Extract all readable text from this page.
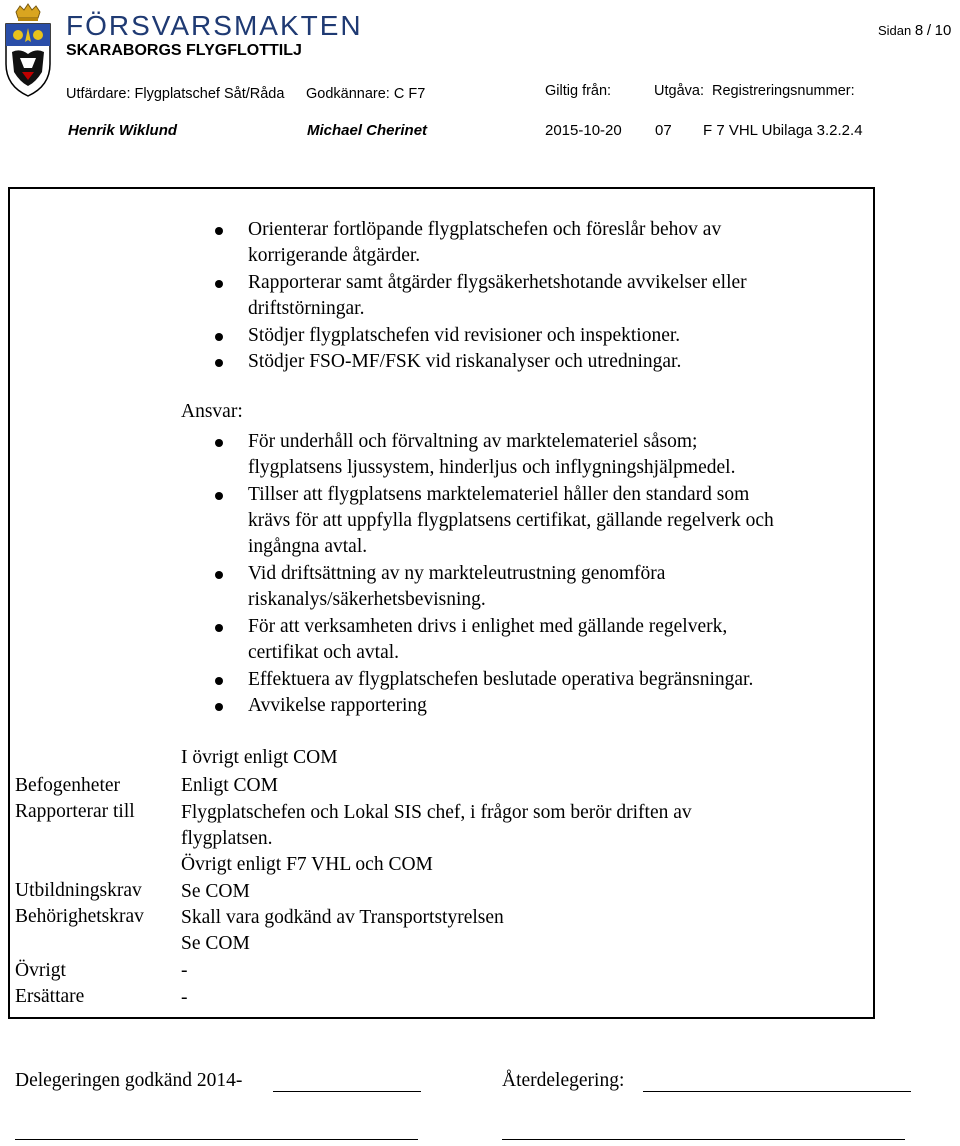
FÖRSVARSMAKTEN
SKARABORGS FLYGFLOTTILJ
Sidan 8 / 10
Utfärdare: Flygplatschef Såt/Råda Godkännare: C F7	Giltig från:	Utgåva: Registreringsnummer:
Henrik Wiklund	Michael Cherinet	2015-10-20 07 F 7 VHL Ubilaga 3.2.2.4
Orienterar fortlöpande flygplatschefen och föreslår behov av
korrigerande åtgärder.
Rapporterar samt åtgärder flygsäkerhetshotande avvikelser eller
driftstörningar.
Stödjer flygplatschefen vid revisioner och inspektioner.
Stödjer FSO-MF/FSK vid riskanalyser och utredningar.
Ansvar:
För underhåll och förvaltning av marktelemateriel såsom;
flygplatsens ljussystem, hinderljus och inflygningshjälpmedel.
Tillser att flygplatsens marktelemateriel håller den standard som
krävs för att uppfylla flygplatsens certifikat, gällande regelverk och
ingångna avtal.
Vid driftsättning av ny markteleutrustning genomföra
riskanalys/säkerhetsbevisning.
För att verksamheten drivs i enlighet med gällande regelverk,
certifikat och avtal.
Effektuera av flygplatschefen beslutade operativa begränsningar.
Avvikelse rapportering
I övrigt enligt COM
Befogenheter	Enligt COM
Rapporterar till Flygplatschefen och Lokal SIS chef, i frågor som berör driften av
flygplatsen.
Övrigt enligt F7 VHL och COM
Utbildningskrav Se COM
Behörighetskrav Skall vara godkänd av Transportstyrelsen
Se COM
Övrigt	-
Ersättare	-
Delegeringen godkänd 2014-	Återdelegering:
